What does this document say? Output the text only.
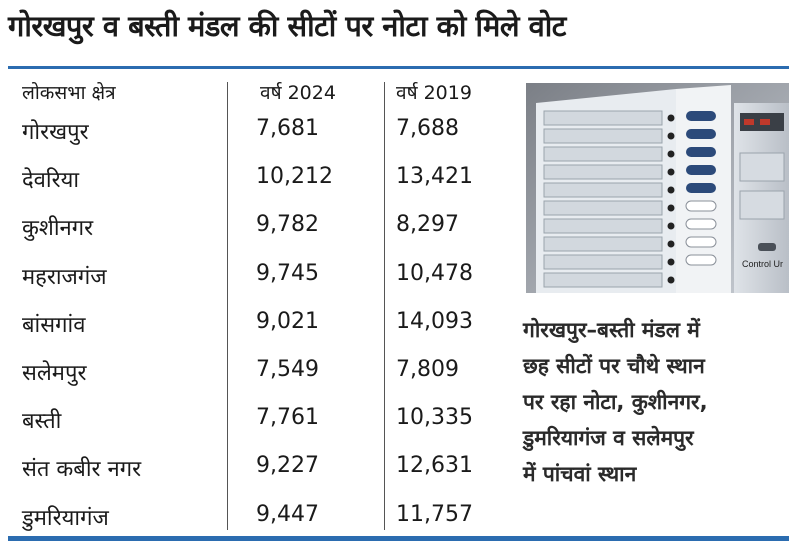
गोरखपुर व बस्ती मंडल की सीटों पर नोटा को मिले वोट
लोकसभा क्षेत्र	वर्ष 2024	वर्ष 2019
गोरखपुर	7,681	7,688
देवरिया	10,212	13,421
कुशीनगर	9,782	8,297
महराजगंज	9,745	10,478
बांसगांव	9,021	14,093
सलेमपुर	7,549	7,809
बस्ती	7,761	10,335
संत कबीर नगर	9,227	12,631
डुमरियागंज	9,447	11,757
Control Ur
गोरखपुर–बस्ती मंडल में
छह सीटों पर चौथे स्थान
पर रहा नोटा, कुशीनगर,
डुमरियागंज व सलेमपुर
में पांचवां स्थान
